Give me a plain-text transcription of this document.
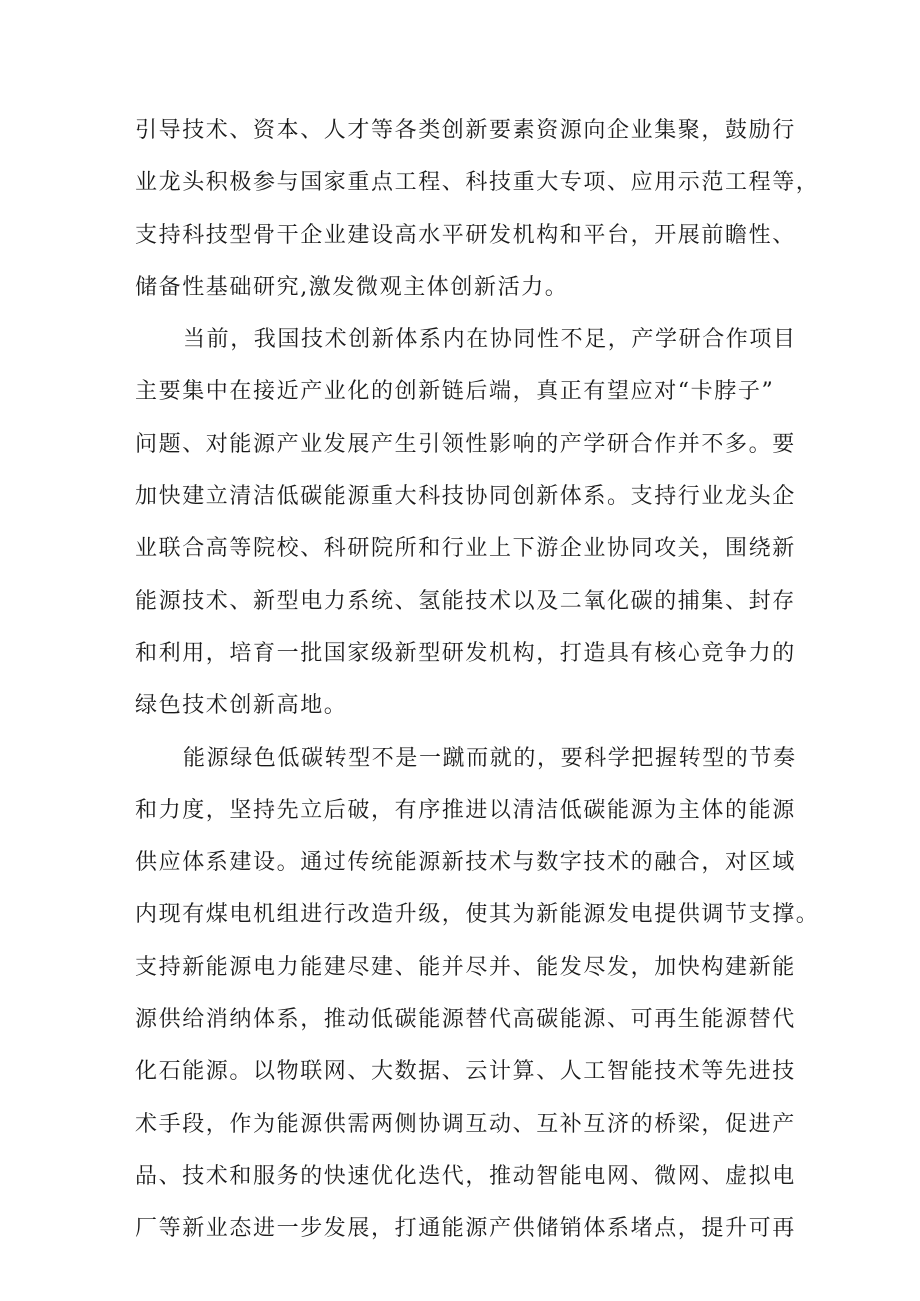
引导技术、资本、人才等各类创新要素资源向企业集聚，鼓励行
业龙头积极参与国家重点工程、科技重大专项、应用示范工程等，
支持科技型骨干企业建设高水平研发机构和平台，开展前瞻性、
储备性基础研究,激发微观主体创新活力。
当前，我国技术创新体系内在协同性不足，产学研合作项目
主要集中在接近产业化的创新链后端，真正有望应对“卡脖子”
问题、对能源产业发展产生引领性影响的产学研合作并不多。要
加快建立清洁低碳能源重大科技协同创新体系。支持行业龙头企
业联合高等院校、科研院所和行业上下游企业协同攻关，围绕新
能源技术、新型电力系统、氢能技术以及二氧化碳的捕集、封存
和利用，培育一批国家级新型研发机构，打造具有核心竞争力的
绿色技术创新高地。
能源绿色低碳转型不是一蹴而就的，要科学把握转型的节奏
和力度，坚持先立后破，有序推进以清洁低碳能源为主体的能源
供应体系建设。通过传统能源新技术与数字技术的融合，对区域
内现有煤电机组进行改造升级，使其为新能源发电提供调节支撑。
支持新能源电力能建尽建、能并尽并、能发尽发，加快构建新能
源供给消纳体系，推动低碳能源替代高碳能源、可再生能源替代
化石能源。以物联网、大数据、云计算、人工智能技术等先进技
术手段，作为能源供需两侧协调互动、互补互济的桥梁，促进产
品、技术和服务的快速优化迭代，推动智能电网、微网、虚拟电
厂等新业态进一步发展，打通能源产供储销体系堵点，提升可再
